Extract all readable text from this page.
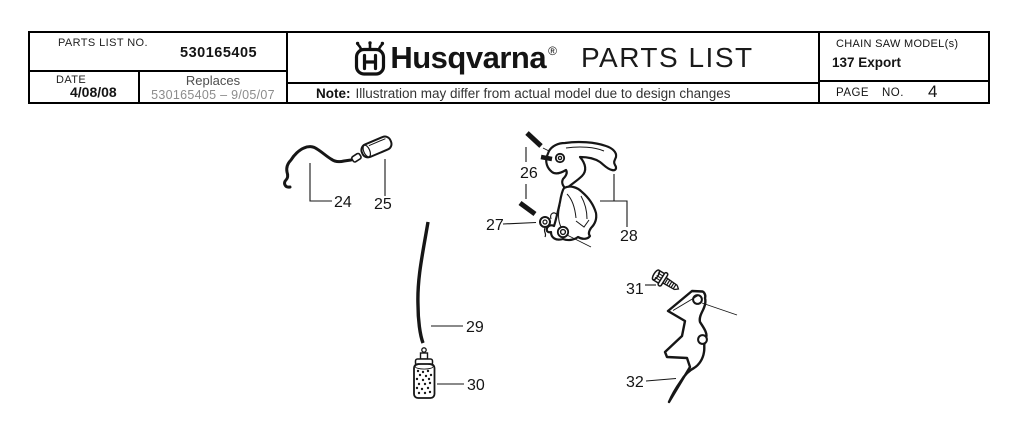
PARTS LIST NO.
530165405
DATE
4/08/08
Replaces
530165405 – 9/05/07
Husqvarna ® PARTS LIST
Note: Illustration may differ from actual model due to design changes
CHAIN SAW MODEL(s)
137 Export
PAGE NO. 4
24 25
26
27
28
29
30
31
32
